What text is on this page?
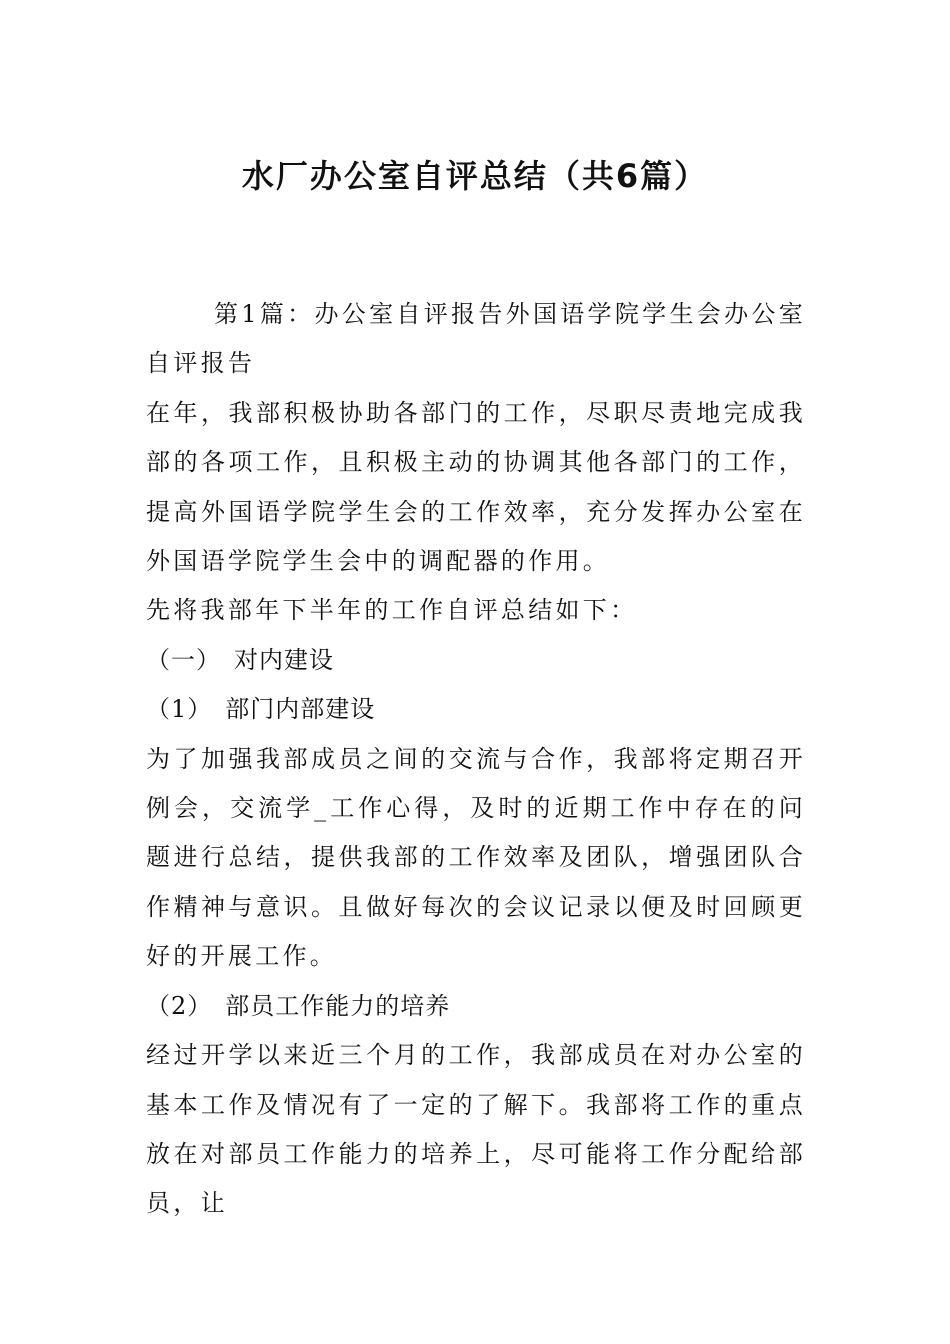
水厂办公室自评总结（共6篇）

第1篇：办公室自评报告外国语学院学生会办公室自评报告

在年，我部积极协助各部门的工作，尽职尽责地完成我部的各项工作，且积极主动的协调其他各部门的工作，提高外国语学院学生会的工作效率，充分发挥办公室在外国语学院学生会中的调配器的作用。

先将我部年下半年的工作自评总结如下：

（一）　对内建设

（1）　部门内部建设

为了加强我部成员之间的交流与合作，我部将定期召开例会，交流学_工作心得，及时的近期工作中存在的问题进行总结，提供我部的工作效率及团队，增强团队合作精神与意识。且做好每次的会议记录以便及时回顾更好的开展工作。

（2）　部员工作能力的培养

经过开学以来近三个月的工作，我部成员在对办公室的基本工作及情况有了一定的了解下。我部将工作的重点放在对部员工作能力的培养上，尽可能将工作分配给部员，让
